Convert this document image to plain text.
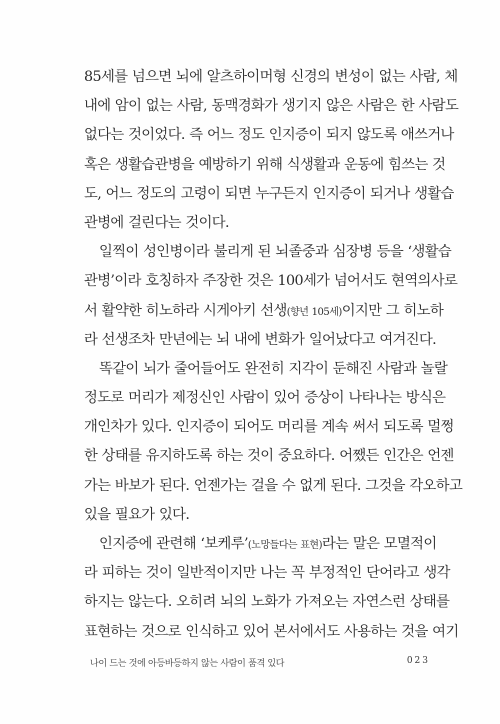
85세를 넘으면 뇌에 알츠하이머형 신경의 변성이 없는 사람, 체
내에 암이 없는 사람, 동맥경화가 생기지 않은 사람은 한 사람도
없다는 것이었다. 즉 어느 정도 인지증이 되지 않도록 애쓰거나
혹은 생활습관병을 예방하기 위해 식생활과 운동에 힘쓰는 것
도, 어느 정도의 고령이 되면 누구든지 인지증이 되거나 생활습
관병에 걸린다는 것이다.
일찍이 성인병이라 불리게 된 뇌졸중과 심장병 등을 ‘생활습
관병’이라 호칭하자 주장한 것은 100세가 넘어서도 현역의사로
서 활약한 히노하라 시게아키 선생(향년 105세)이지만 그 히노하
라 선생조차 만년에는 뇌 내에 변화가 일어났다고 여겨진다.
똑같이 뇌가 줄어들어도 완전히 지각이 둔해진 사람과 놀랄
정도로 머리가 제정신인 사람이 있어 증상이 나타나는 방식은
개인차가 있다. 인지증이 되어도 머리를 계속 써서 되도록 멀쩡
한 상태를 유지하도록 하는 것이 중요하다. 어쨌든 인간은 언젠
가는 바보가 된다. 언젠가는 걸을 수 없게 된다. 그것을 각오하고
있을 필요가 있다.
인지증에 관련해 ‘보케루’(노망들다는 표현)라는 말은 모멸적이
라 피하는 것이 일반적이지만 나는 꼭 부정적인 단어라고 생각
하지는 않는다. 오히려 뇌의 노화가 가져오는 자연스런 상태를
표현하는 것으로 인식하고 있어 본서에서도 사용하는 것을 여기
나이 드는 것에 아등바등하지 않는 사람이 품격 있다	023
